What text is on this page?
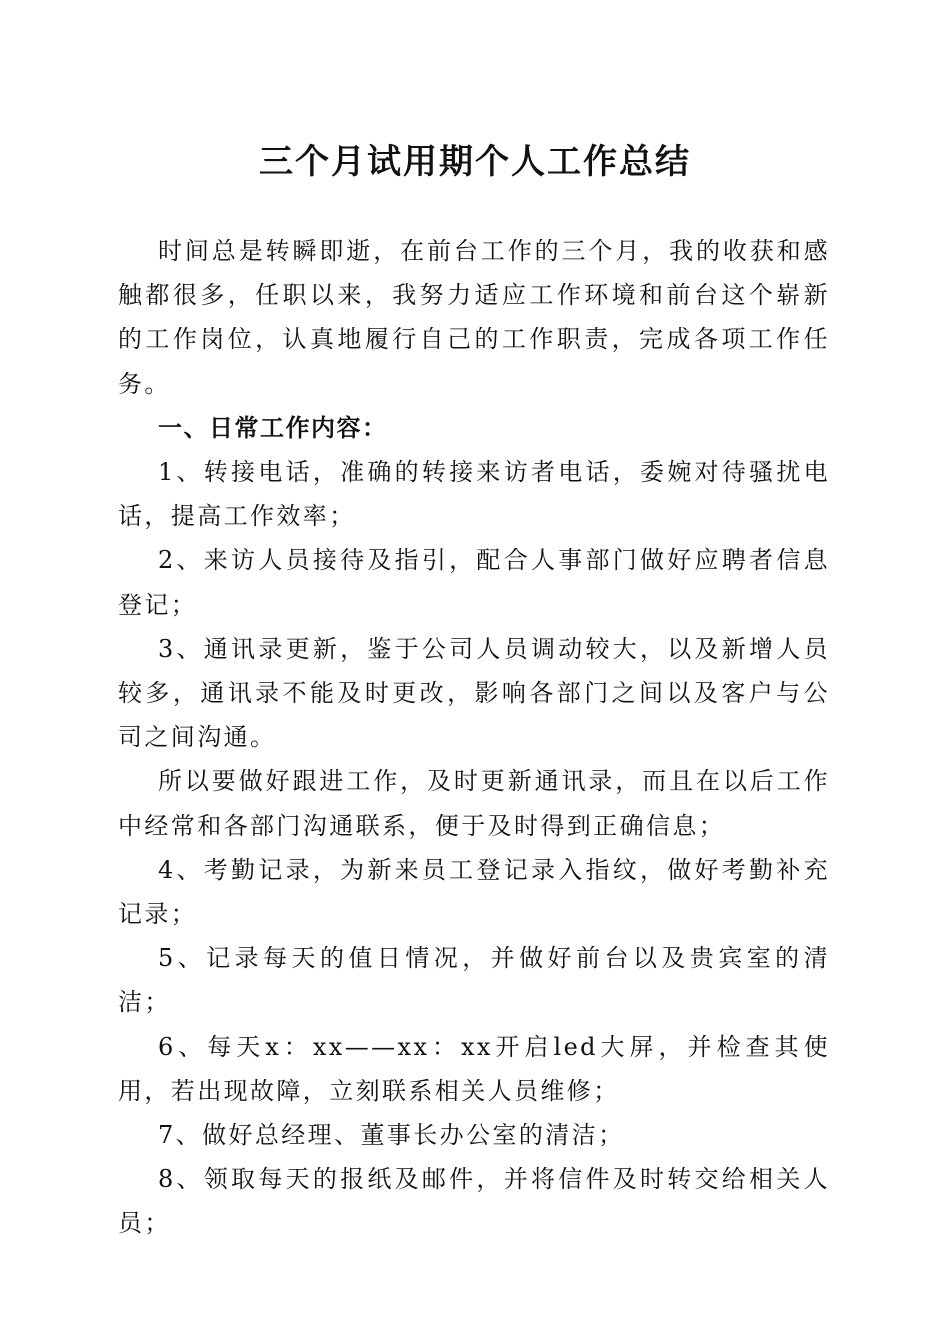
三个月试用期个人工作总结

时间总是转瞬即逝，在前台工作的三个月，我的收获和感触都很多，任职以来，我努力适应工作环境和前台这个崭新的工作岗位，认真地履行自己的工作职责，完成各项工作任务。

一、日常工作内容：

1、转接电话，准确的转接来访者电话，委婉对待骚扰电话，提高工作效率；

2、来访人员接待及指引，配合人事部门做好应聘者信息登记；

3、通讯录更新，鉴于公司人员调动较大，以及新增人员较多，通讯录不能及时更改，影响各部门之间以及客户与公司之间沟通。

所以要做好跟进工作，及时更新通讯录，而且在以后工作中经常和各部门沟通联系，便于及时得到正确信息；

4、考勤记录，为新来员工登记录入指纹，做好考勤补充记录；

5、记录每天的值日情况，并做好前台以及贵宾室的清洁；

6、每天x：xx——xx：xx开启led大屏，并检查其使用，若出现故障，立刻联系相关人员维修；

7、做好总经理、董事长办公室的清洁；

8、领取每天的报纸及邮件，并将信件及时转交给相关人员；
